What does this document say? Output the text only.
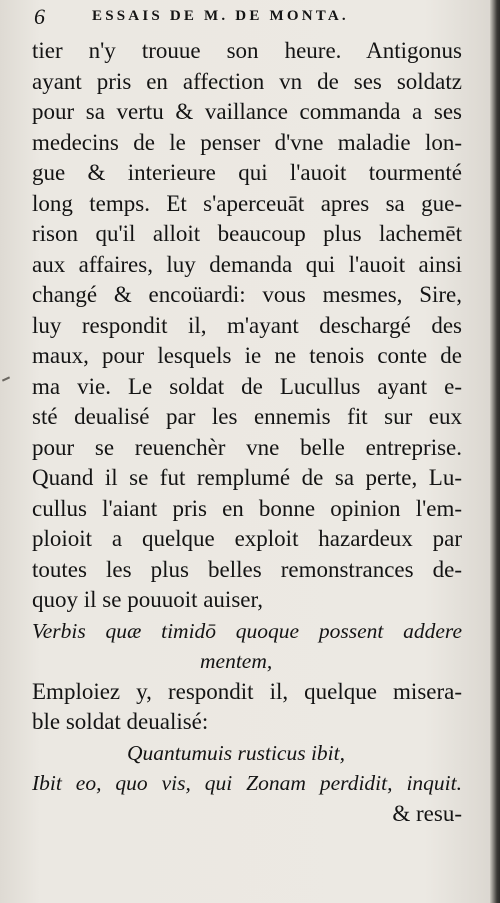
6	ESSAIS DE M. DE MONTA.
tier n'y trouue son heure. Antigonus
ayant pris en affection vn de ses soldatz
pour sa vertu & vaillance commanda a ses
medecins de le penser d'vne maladie lon-
gue & interieure qui l'auoit tourmenté
long temps. Et s'aperceuāt apres sa gue-
rison qu'il alloit beaucoup plus lachemēt
aux affaires, luy demanda qui l'auoit ainsi
changé & encoüardi: vous mesmes, Sire,
luy respondit il, m'ayant deschargé des
maux, pour lesquels ie ne tenois conte de
ma vie. Le soldat de Lucullus ayant e-
sté deualisé par les ennemis fit sur eux
pour se reuenchèr vne belle entreprise.
Quand il se fut remplumé de sa perte, Lu-
cullus l'aiant pris en bonne opinion l'em-
ploioit a quelque exploit hazardeux par
toutes les plus belles remonstrances de-
quoy il se pouuoit auiser,
Verbis quæ timidō quoque possent addere
mentem,
Emploiez y, respondit il, quelque misera-
ble soldat deualisé:
Quantumuis rusticus ibit,
Ibit eo, quo vis, qui Zonam perdidit, inquit.
& resu-
